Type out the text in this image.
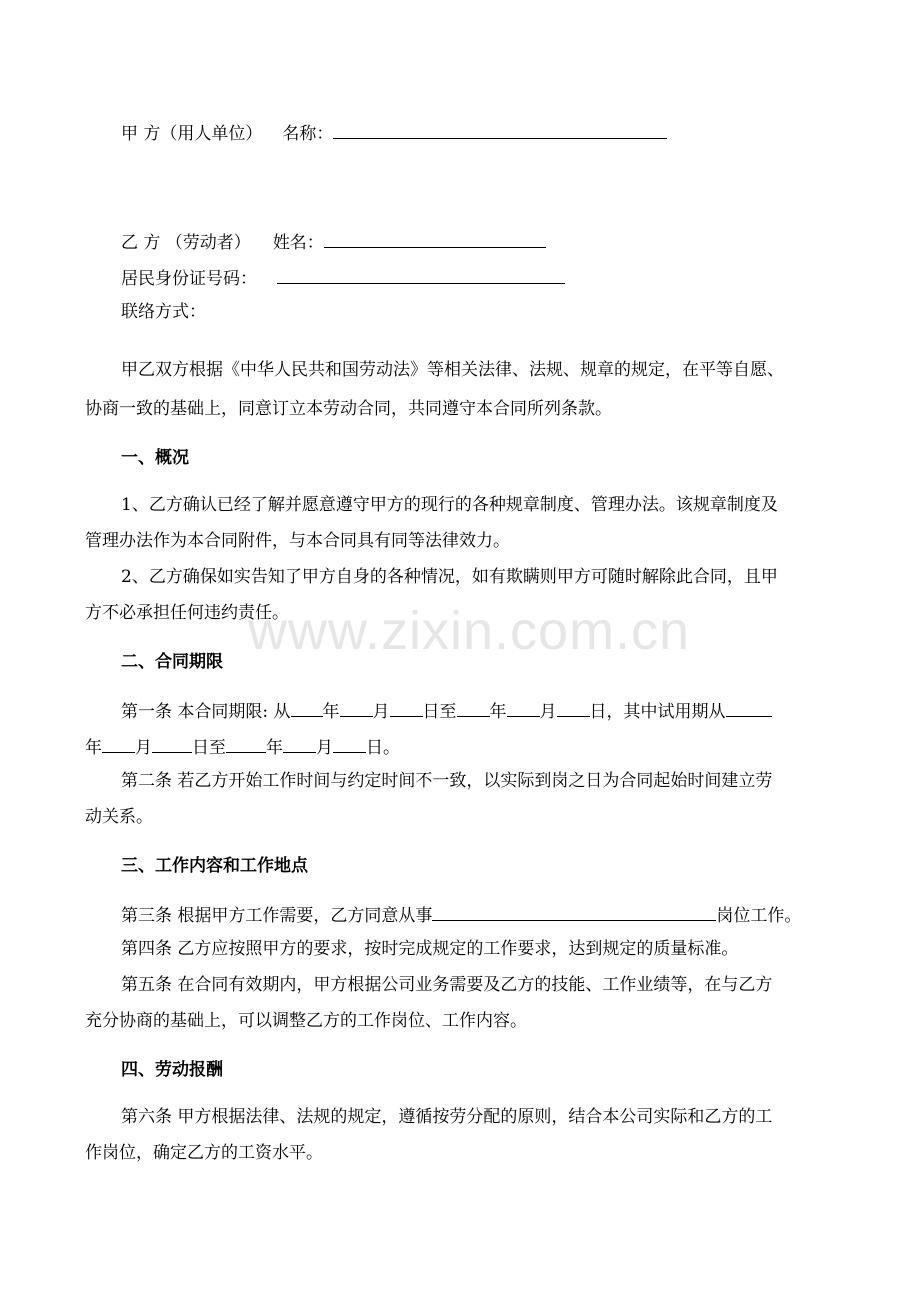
www.zixin.com.cn
甲 方（用人单位） 名称：
乙 方 （劳动者） 姓名：
居民身份证号码：
联络方式：
甲乙双方根据《中华人民共和国劳动法》等相关法律、法规、规章的规定，在平等自愿、
协商一致的基础上，同意订立本劳动合同，共同遵守本合同所列条款。
一、概况
1、乙方确认已经了解并愿意遵守甲方的现行的各种规章制度、管理办法。该规章制度及
管理办法作为本合同附件，与本合同具有同等法律效力。
2、乙方确保如实告知了甲方自身的各种情况，如有欺瞒则甲方可随时解除此合同，且甲
方不必承担任何违约责任。
二、合同期限
第一条 本合同期限: 从 年 月 日至 年 月 日，其中试用期从
年 月 日至 年 月 日。
第二条 若乙方开始工作时间与约定时间不一致，以实际到岗之日为合同起始时间建立劳
动关系。
三、工作内容和工作地点
第三条 根据甲方工作需要，乙方同意从事	岗位工作。
第四条 乙方应按照甲方的要求，按时完成规定的工作要求，达到规定的质量标准。
第五条 在合同有效期内，甲方根据公司业务需要及乙方的技能、工作业绩等，在与乙方
充分协商的基础上，可以调整乙方的工作岗位、工作内容。
四、劳动报酬
第六条 甲方根据法律、法规的规定，遵循按劳分配的原则，结合本公司实际和乙方的工
作岗位，确定乙方的工资水平。
